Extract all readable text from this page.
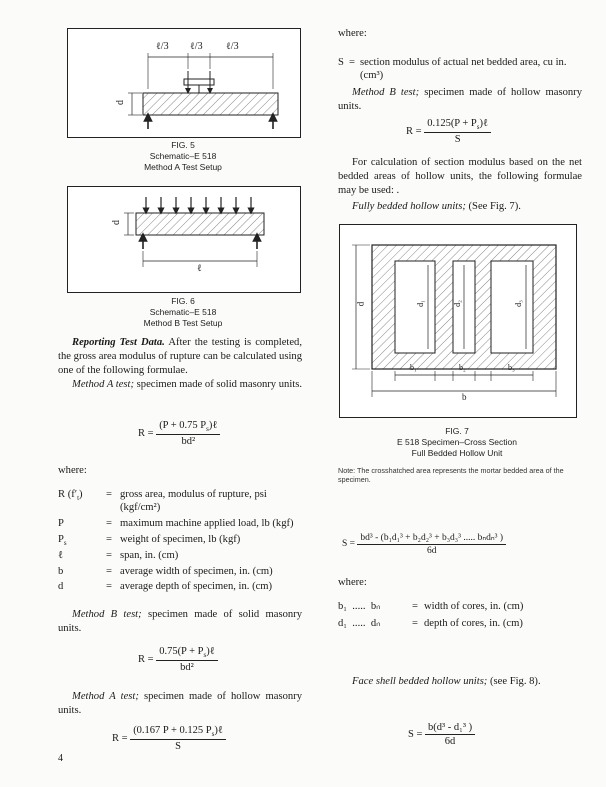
ℓ/3 ℓ/3 ℓ/3
d
FIG. 5
Schematic–E 518
Method A Test Setup
d
ℓ
FIG. 6
Schematic–E 518
Method B Test Setup
Reporting Test Data. After the testing is completed, the gross area modulus of rupture can be calculated using one of the following formulae.
Method A test; specimen made of solid masonry units.
$R = \frac{(P + 0.75 P_s)\ell}{\text{bd²}}$
where:
R $(f'_t)$ = gross area, modulus of rupture, psi
(kgf/cm²)
P	= maximum machine applied load, lb (kgf)
$P_s$	= weight of specimen, lb (kgf)
ℓ	= span, in. (cm)
b	= average width of specimen, in. (cm)
d	= average depth of specimen, in. (cm)
Method B test; specimen made of solid masonry units.
$R = \frac{0.75(P + P_s)\ell}{\text{bd²}}$
Method A test; specimen made of hollow masonry units.
$R = \frac{(0.167 P + 0.125 P_s)\ell}{S}$
4
where:
S = section modulus of actual net bedded area, cu in.
(cm³)
Method B test; specimen made of hollow masonry units.
$R = \frac{0.125(P + P_s)\ell}{S}$
For calculation of section modulus based on the net bedded areas of hollow units, the following formulae may be used: .
Fully bedded hollow units; (See Fig. 7).
d	d₁	d₂	d₃
b₁	b₂	b₃
b
FIG. 7
E 518 Specimen–Cross Section
Full Bedded Hollow Unit
Note: The crosshatched area represents the mortar bedded area of the specimen.
$S = \frac{\text{bd³ - (b₁d₁³ + b₂d₂³ + b₃d₃³ ..... bₙdₙ³ )}}{6d}$
where:
b₁  .....  bₙ	= width of cores, in. (cm)
d₁  .....  dₙ	= depth of cores, in. (cm)
Face shell bedded hollow units; (see Fig. 8).
$S = \frac{\text{b(d³ - d₁³ )}}{6d}$
